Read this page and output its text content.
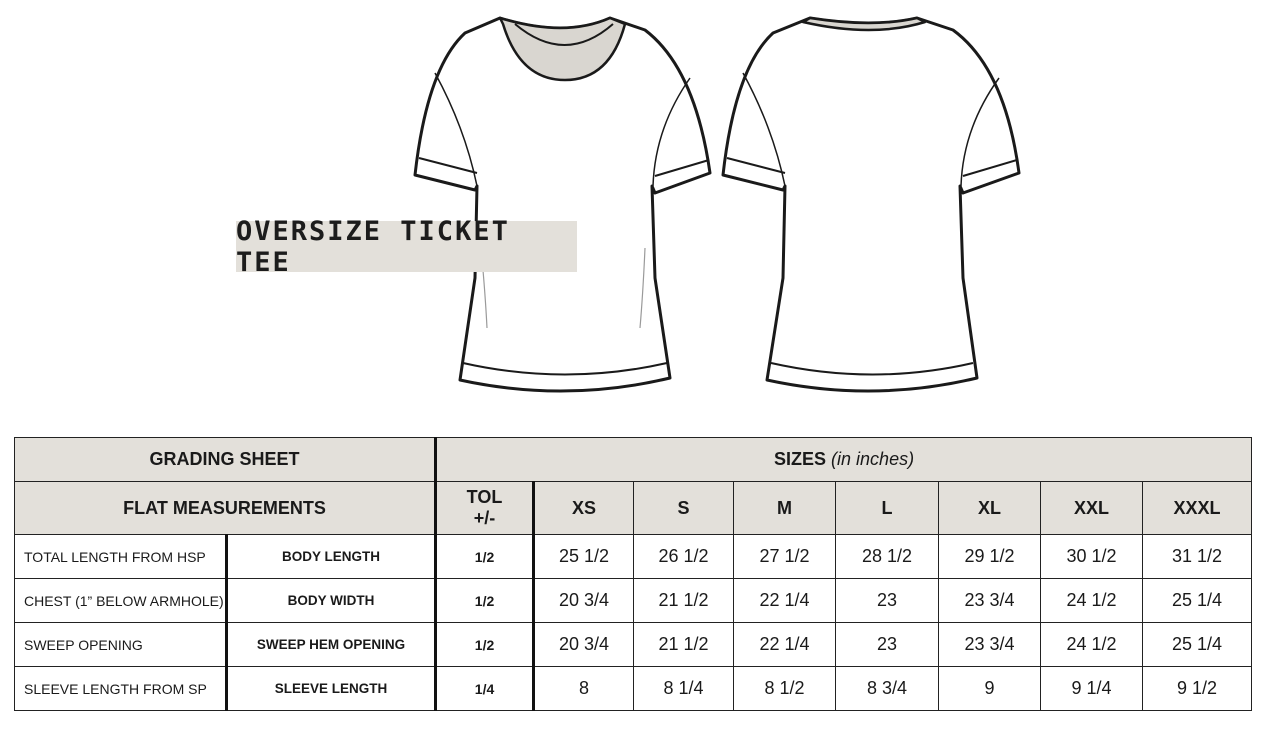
OVERSIZE TICKET TEE
GRADING SHEET		SIZES (in inches)							
FLAT MEASUREMENTS		TOL
+/-	XS	S	M	L	XL	XXL	XXXL
TOTAL LENGTH FROM HSP	BODY LENGTH	1/2	25 1/2	26 1/2	27 1/2	28 1/2	29 1/2	30 1/2	31 1/2
CHEST (1” BELOW ARMHOLE)	BODY WIDTH	1/2	20 3/4	21 1/2	22 1/4	23	23 3/4	24 1/2	25 1/4
SWEEP OPENING	SWEEP HEM OPENING	1/2	20 3/4	21 1/2	22 1/4	23	23 3/4	24 1/2	25 1/4
SLEEVE LENGTH FROM SP	SLEEVE LENGTH	1/4	8	8 1/4	8 1/2	8 3/4	9	9 1/4	9 1/2
